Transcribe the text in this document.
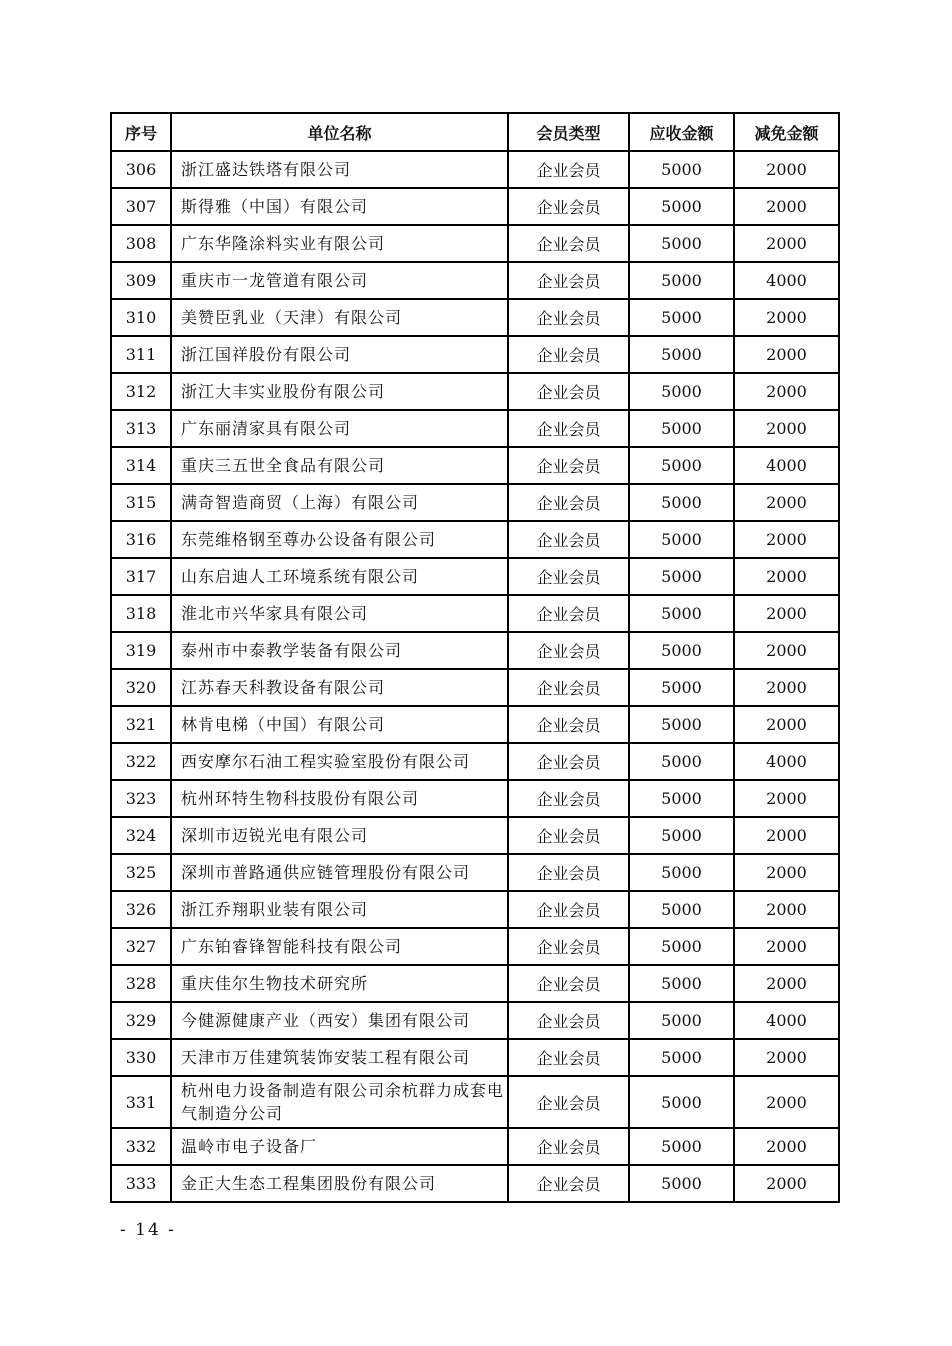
序号	单位名称	会员类型	应收金额	减免金额
306	浙江盛达铁塔有限公司	企业会员	5000	2000
307	斯得雅（中国）有限公司	企业会员	5000	2000
308	广东华隆涂料实业有限公司	企业会员	5000	2000
309	重庆市一龙管道有限公司	企业会员	5000	4000
310	美赞臣乳业（天津）有限公司	企业会员	5000	2000
311	浙江国祥股份有限公司	企业会员	5000	2000
312	浙江大丰实业股份有限公司	企业会员	5000	2000
313	广东丽清家具有限公司	企业会员	5000	2000
314	重庆三五世全食品有限公司	企业会员	5000	4000
315	满奇智造商贸（上海）有限公司	企业会员	5000	2000
316	东莞维格钢至尊办公设备有限公司	企业会员	5000	2000
317	山东启迪人工环境系统有限公司	企业会员	5000	2000
318	淮北市兴华家具有限公司	企业会员	5000	2000
319	泰州市中泰教学装备有限公司	企业会员	5000	2000
320	江苏春天科教设备有限公司	企业会员	5000	2000
321	林肯电梯（中国）有限公司	企业会员	5000	2000
322	西安摩尔石油工程实验室股份有限公司	企业会员	5000	4000
323	杭州环特生物科技股份有限公司	企业会员	5000	2000
324	深圳市迈锐光电有限公司	企业会员	5000	2000
325	深圳市普路通供应链管理股份有限公司	企业会员	5000	2000
326	浙江乔翔职业装有限公司	企业会员	5000	2000
327	广东铂睿锋智能科技有限公司	企业会员	5000	2000
328	重庆佳尔生物技术研究所	企业会员	5000	2000
329	今健源健康产业（西安）集团有限公司	企业会员	5000	4000
330	天津市万佳建筑装饰安装工程有限公司	企业会员	5000	2000
331	杭州电力设备制造有限公司余杭群力成套电气制造分公司	企业会员	5000	2000
332	温岭市电子设备厂	企业会员	5000	2000
333	金正大生态工程集团股份有限公司	企业会员	5000	2000
- 14 -
